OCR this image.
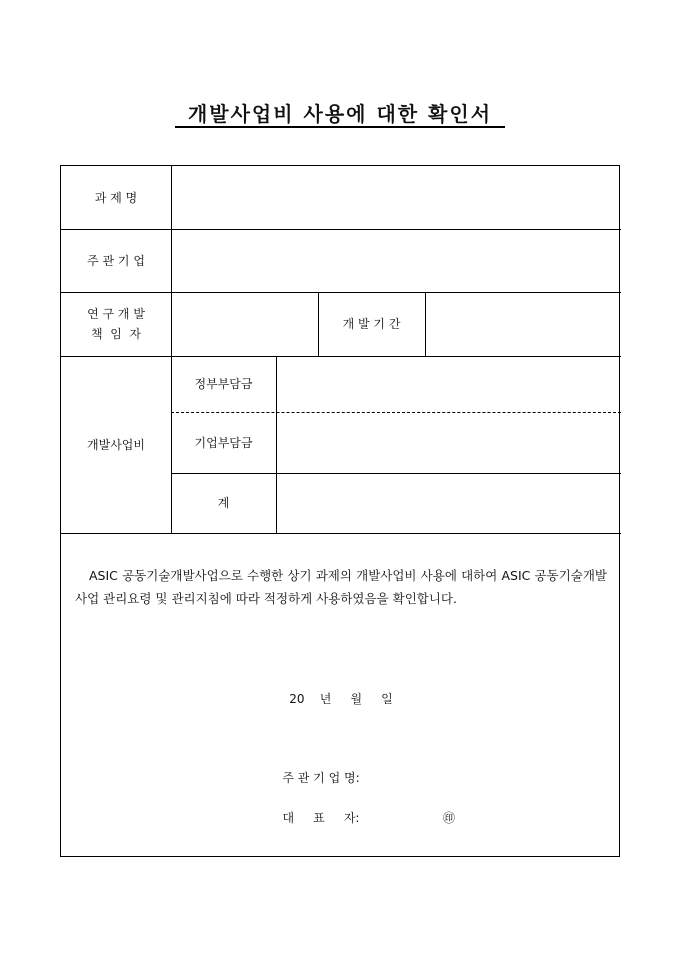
개발사업비 사용에 대한 확인서
과 제 명
주 관 기 업
연 구 개 발
책  임  자
개 발 기 간
개발사업비
정부부담금
기업부담금
계
ASIC 공동기술개발사업으로 수행한 상기 과제의 개발사업비 사용에 대하여 ASIC 공동기술개발사업 관리요령 및 관리지침에 따라 적정하게 사용하였음을 확인합니다.
20    년     월     일
주 관 기 업 명:
대     표     자:	㊞
